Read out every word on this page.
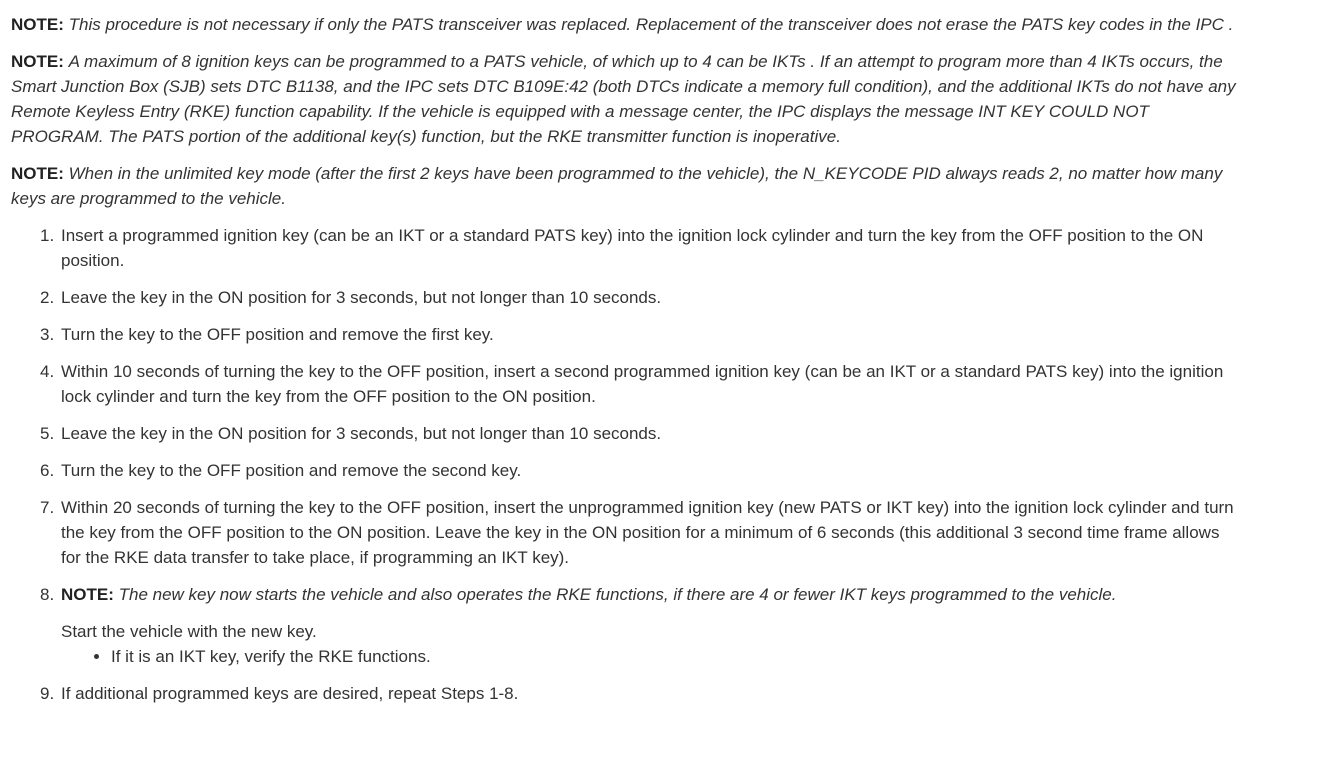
NOTE: This procedure is not necessary if only the PATS transceiver was replaced. Replacement of the transceiver does not erase the PATS key codes in the IPC .

NOTE: A maximum of 8 ignition keys can be programmed to a PATS vehicle, of which up to 4 can be IKTs . If an attempt to program more than 4 IKTs occurs, the Smart Junction Box (SJB) sets DTC B1138, and the IPC sets DTC B109E:42 (both DTCs indicate a memory full condition), and the additional IKTs do not have any Remote Keyless Entry (RKE) function capability. If the vehicle is equipped with a message center, the IPC displays the message INT KEY COULD NOT PROGRAM. The PATS portion of the additional key(s) function, but the RKE transmitter function is inoperative.

NOTE: When in the unlimited key mode (after the first 2 keys have been programmed to the vehicle), the N_KEYCODE PID always reads 2, no matter how many keys are programmed to the vehicle.

1. Insert a programmed ignition key (can be an IKT or a standard PATS key) into the ignition lock cylinder and turn the key from the OFF position to the ON position.
2. Leave the key in the ON position for 3 seconds, but not longer than 10 seconds.
3. Turn the key to the OFF position and remove the first key.
4. Within 10 seconds of turning the key to the OFF position, insert a second programmed ignition key (can be an IKT or a standard PATS key) into the ignition lock cylinder and turn the key from the OFF position to the ON position.
5. Leave the key in the ON position for 3 seconds, but not longer than 10 seconds.
6. Turn the key to the OFF position and remove the second key.
7. Within 20 seconds of turning the key to the OFF position, insert the unprogrammed ignition key (new PATS or IKT key) into the ignition lock cylinder and turn the key from the OFF position to the ON position. Leave the key in the ON position for a minimum of 6 seconds (this additional 3 second time frame allows for the RKE data transfer to take place, if programming an IKT key).
8. NOTE: The new key now starts the vehicle and also operates the RKE functions, if there are 4 or fewer IKT keys programmed to the vehicle.
Start the vehicle with the new key.
• If it is an IKT key, verify the RKE functions.
9. If additional programmed keys are desired, repeat Steps 1-8.
